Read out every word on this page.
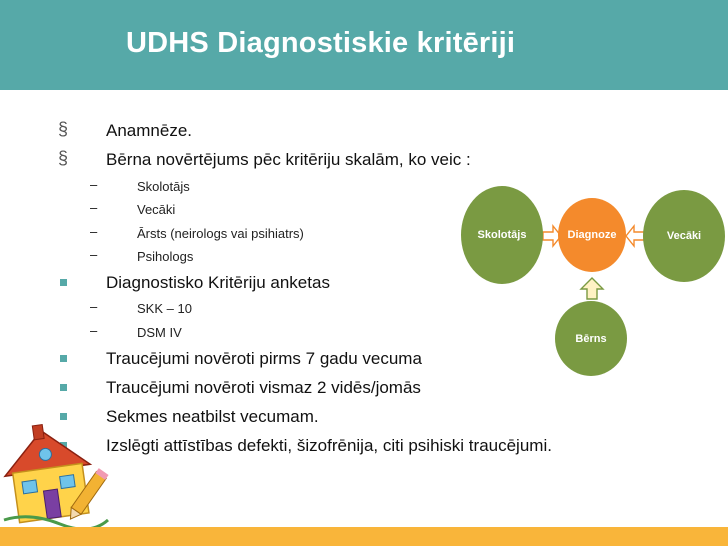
UDHS Diagnostiskie kritēriji
§ Anamnēze.
§ Bērna novērtējums pēc kritēriju skalām, ko veic :
–	Skolotājs
–	Vecāki
–	Ārsts (neirologs vai psihiatrs)
–	Psihologs
Diagnostisko Kritēriju anketas
–	SKK – 10
–	DSM IV
Traucējumi novēroti pirms 7 gadu vecuma
Traucējumi novēroti vismaz 2 vidēs/jomās
Sekmes neatbilst vecumam.
Izslēgti attīstības defekti, šizofrēnija, citi psihiski traucējumi.
Skolotājs	Diagnoze	Vecāki
Bērns
